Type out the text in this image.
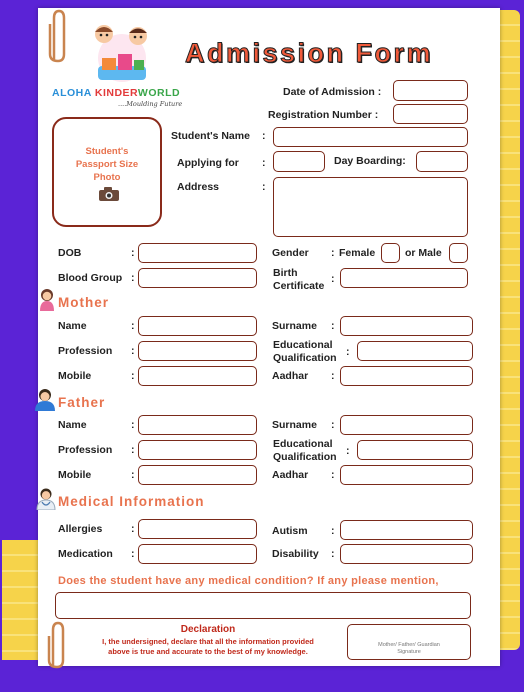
ALOHA KINDERWORLD
....Moulding Future
Admission Form
Date of Admission :
Registration Number :
Student's
Passport Size
Photo
Student's Name :
Applying for :	Day Boarding:
Address	:
DOB	:	Gender : Female	or Male
Blood Group :	Birth
Certificate
:
Mother
Name	:	Surname :
Profession :	Educational
Qualification :
Mobile	:	Aadhar :
Father
Name	:	Surname :
Profession :	Educational
Qualification :
Mobile	:	Aadhar :
Medical Information
Allergies	:	Autism :
Medication :	Disability :
Does the student have any medical condition? If any please mention,
Declaration
I, the undersigned, declare that all the information provided
above is true and accurate to the best of my knowledge.
Mother/ Father/ Guardian
Signature
